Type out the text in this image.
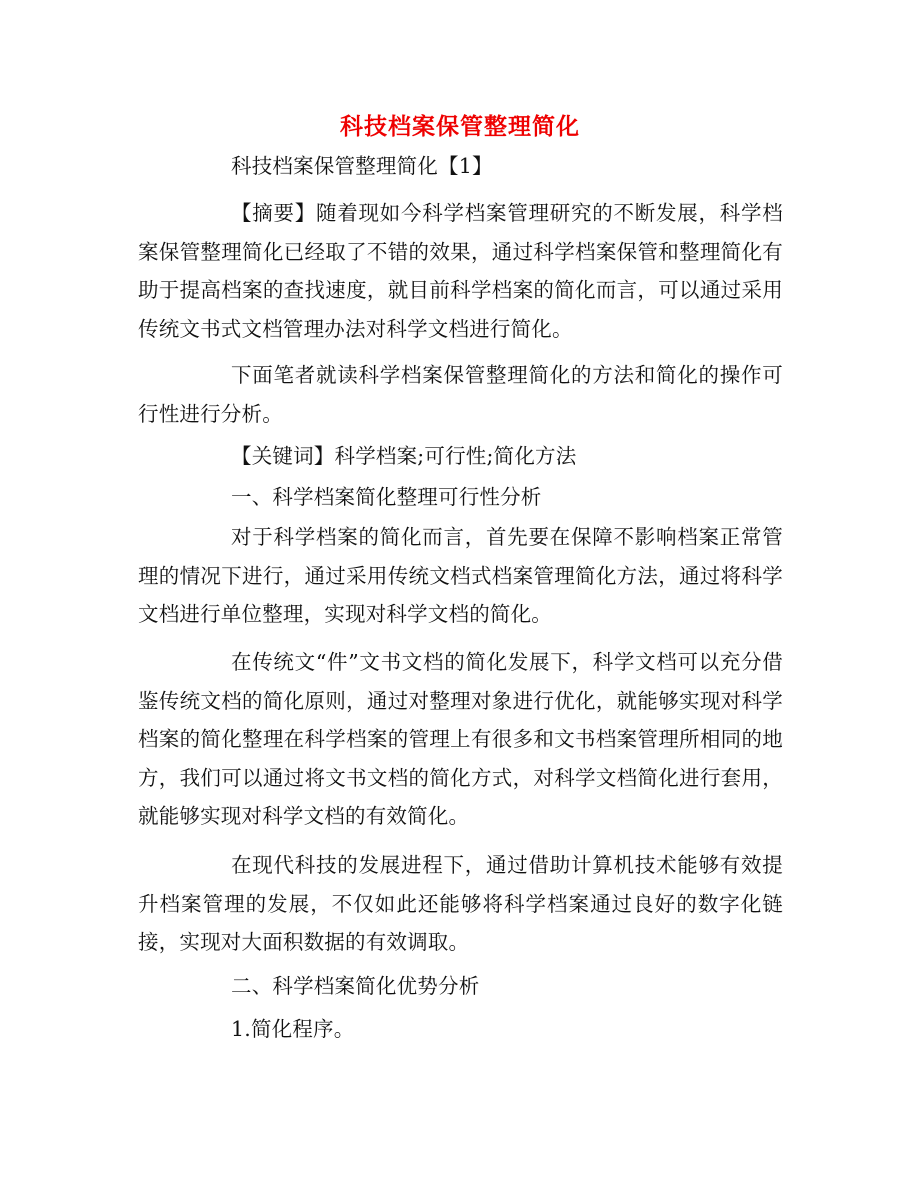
科技档案保管整理简化

科技档案保管整理简化【1】

【摘要】随着现如今科学档案管理研究的不断发展，科学档案保管整理简化已经取了不错的效果，通过科学档案保管和整理简化有助于提高档案的查找速度，就目前科学档案的简化而言，可以通过采用传统文书式文档管理办法对科学文档进行简化。

下面笔者就读科学档案保管整理简化的方法和简化的操作可行性进行分析。

【关键词】科学档案;可行性;简化方法

一、科学档案简化整理可行性分析

对于科学档案的简化而言，首先要在保障不影响档案正常管理的情况下进行，通过采用传统文档式档案管理简化方法，通过将科学文档进行单位整理，实现对科学文档的简化。

在传统文“件”文书文档的简化发展下，科学文档可以充分借鉴传统文档的简化原则，通过对整理对象进行优化，就能够实现对科学档案的简化整理在科学档案的管理上有很多和文书档案管理所相同的地方，我们可以通过将文书文档的简化方式，对科学文档简化进行套用，就能够实现对科学文档的有效简化。

在现代科技的发展进程下，通过借助计算机技术能够有效提升档案管理的发展，不仅如此还能够将科学档案通过良好的数字化链接，实现对大面积数据的有效调取。

二、科学档案简化优势分析

1.简化程序。
